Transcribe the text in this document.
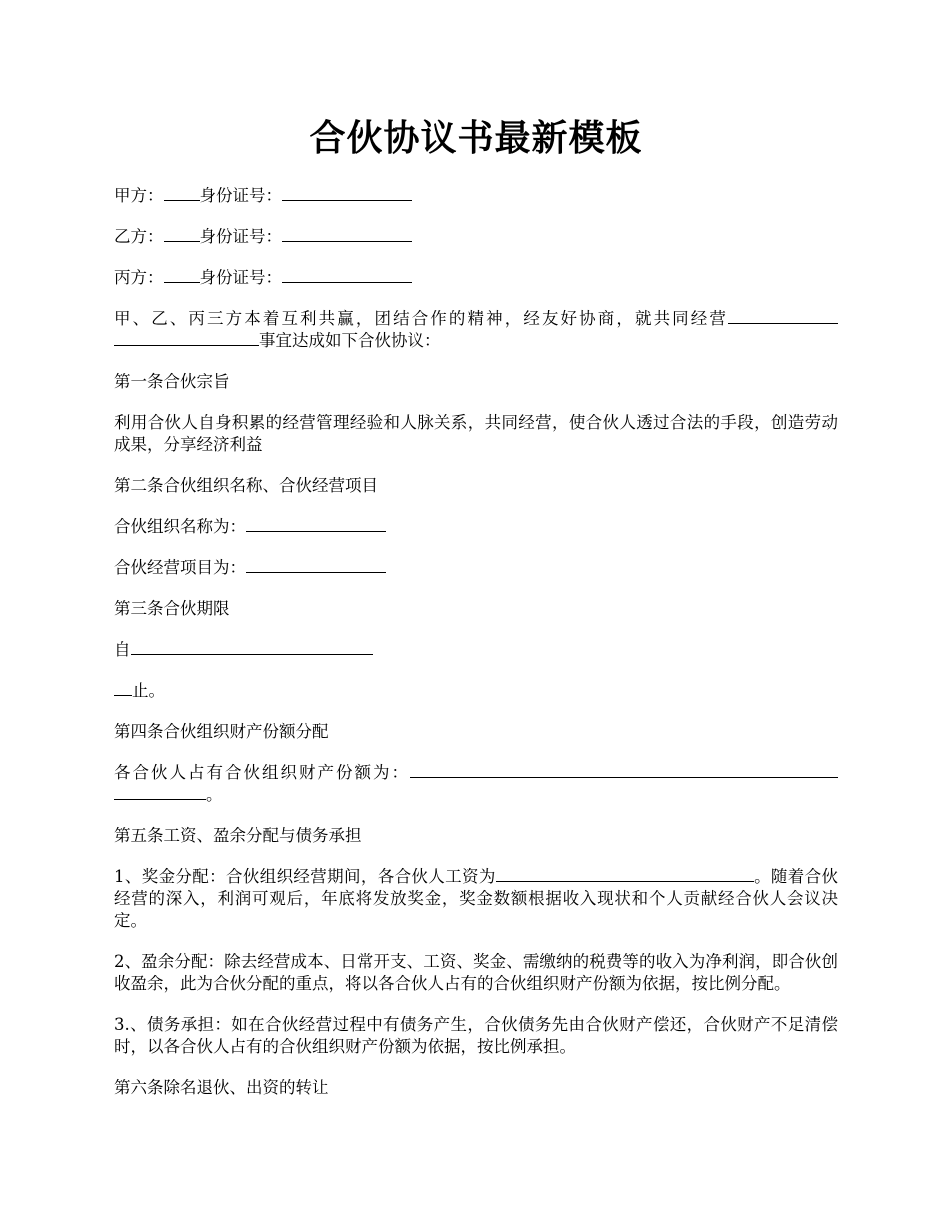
合伙协议书最新模板

甲方： 身份证号：

乙方： 身份证号：

丙方： 身份证号：

甲、乙、丙三方本着互利共赢，团结合作的精神，经友好协商，就共同经营事宜达成如下合伙协议：

第一条合伙宗旨

利用合伙人自身积累的经营管理经验和人脉关系，共同经营，使合伙人透过合法的手段，创造劳动成果，分享经济利益

第二条合伙组织名称、合伙经营项目

合伙组织名称为：

合伙经营项目为：

第三条合伙期限

自

止。

第四条合伙组织财产份额分配

各合伙人占有合伙组织财产份额为：。

第五条工资、盈余分配与债务承担

1、奖金分配：合伙组织经营期间，各合伙人工资为	。随着合伙经营的深入，利润可观后，年底将发放奖金，奖金数额根据收入现状和个人贡献经合伙人会议决定。

2、盈余分配：除去经营成本、日常开支、工资、奖金、需缴纳的税费等的收入为净利润，即合伙创收盈余，此为合伙分配的重点，将以各合伙人占有的合伙组织财产份额为依据，按比例分配。

3.、债务承担：如在合伙经营过程中有债务产生，合伙债务先由合伙财产偿还，合伙财产不足清偿时，以各合伙人占有的合伙组织财产份额为依据，按比例承担。

第六条除名退伙、出资的转让
